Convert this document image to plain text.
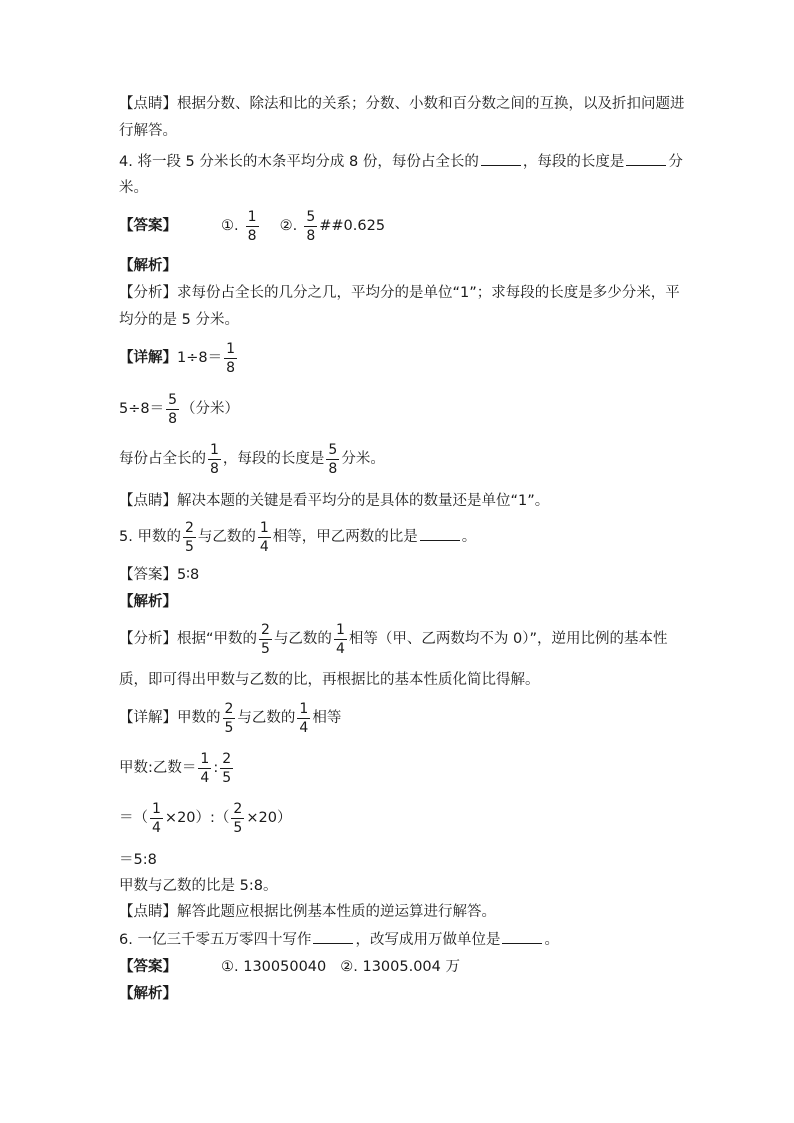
【点睛】根据分数、除法和比的关系；分数、小数和百分数之间的互换，以及折扣问题进
行解答。
4. 将一段 5 分米长的木条平均分成 8 份，每份占全长的	，每段的长度是	分
米。
【答案】	①. $\frac{1}{8}$ ②. $\frac{5}{8}$ ##0.625
【解析】
【分析】求每份占全长的几分之几，平均分的是单位“1”；求每段的长度是多少分米，平
均分的是 5 分米。
【详解】$1\div 8= \frac{1}{8}$
$5\div 8= \frac{5}{8}$ （分米）
每份占全长的 $\frac{1}{8}$ ，每段的长度是 $\frac{5}{8}$ 分米。
【点睛】解决本题的关键是看平均分的是具体的数量还是单位“1”。
5. 甲数的 $\frac{2}{5}$ 与乙数的 $\frac{1}{4}$ 相等，甲乙两数的比是	。
【答案】5∶8
【解析】
【分析】根据“甲数的 $\frac{2}{5}$ 与乙数的 $\frac{1}{4}$ 相等（甲、乙两数均不为 0）”，逆用比例的基本性
质，即可得出甲数与乙数的比，再根据比的基本性质化简比得解。
【详解】甲数的 $\frac{2}{5}$ 与乙数的 $\frac{1}{4}$ 相等
甲数:乙数＝ $\frac{1}{4}$ : $\frac{2}{5}$
＝（ $\frac{1}{4}$ ×20）:（ $\frac{2}{5} \times 20$）
＝5:8
甲数与乙数的比是 5:8。
【点睛】解答此题应根据比例基本性质的逆运算进行解答。
6. 一亿三千零五万零四十写作	，改写成用万做单位是	。
【答案】	①. 130050040 ②. 13005.004 万
【解析】
